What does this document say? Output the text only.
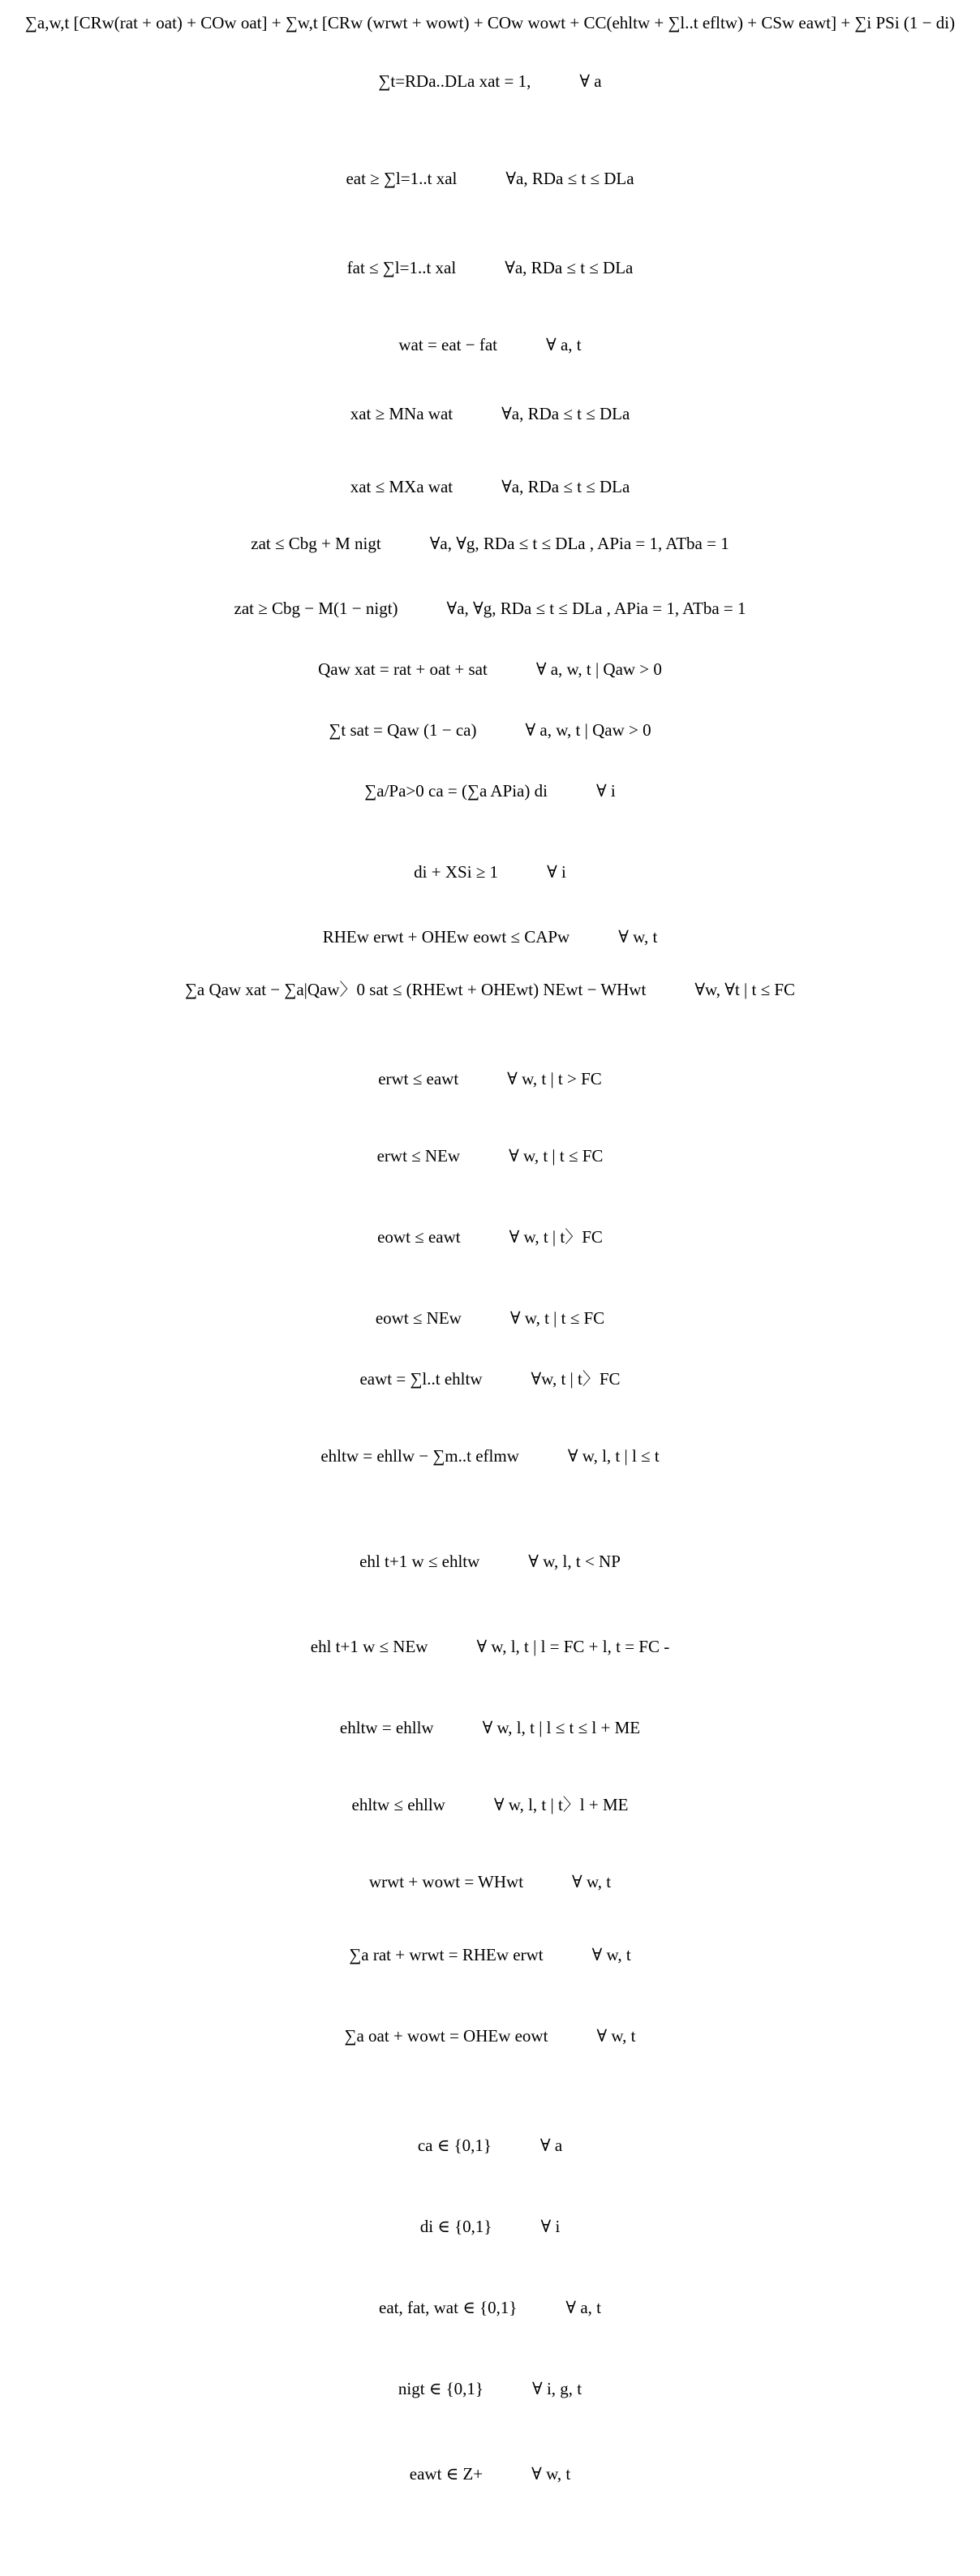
∑a,w,t [CRw(rat + oat) + COw oat] + ∑w,t [CRw (wrwt + wowt) + COw wowt + CC(ehltw + ∑l..t efltw) + CSw eawt] + ∑i PSi (1 − di)
∑t=RDa..DLa xat = 1,	∀ a
eat ≥ ∑l=1..t xal	∀a, RDa ≤ t ≤ DLa
fat ≤ ∑l=1..t xal	∀a, RDa ≤ t ≤ DLa
wat = eat − fat	∀ a, t
xat ≥ MNa wat	∀a, RDa ≤ t ≤ DLa
xat ≤ MXa wat	∀a, RDa ≤ t ≤ DLa
zat ≤ Cbg + M nigt	∀a, ∀g, RDa ≤ t ≤ DLa , APia = 1, ATba = 1
zat ≥ Cbg − M(1 − nigt)	∀a, ∀g, RDa ≤ t ≤ DLa , APia = 1, ATba = 1
Qaw xat = rat + oat + sat	∀ a, w, t | Qaw > 0
∑t sat = Qaw (1 − ca)	∀ a, w, t | Qaw > 0
∑a/Pa>0 ca = (∑a APia) di	∀ i
di + XSi ≥ 1	∀ i
RHEw erwt + OHEw eowt ≤ CAPw	∀ w, t
∑a Qaw xat − ∑a|Qaw〉0 sat ≤ (RHEwt + OHEwt) NEwt − WHwt	∀w, ∀t | t ≤ FC
erwt ≤ eawt	∀ w, t | t > FC
erwt ≤ NEw	∀ w, t | t ≤ FC
eowt ≤ eawt	∀ w, t | t〉FC
eowt ≤ NEw	∀ w, t | t ≤ FC
eawt = ∑l..t ehltw	∀w, t | t〉FC
ehltw = ehllw − ∑m..t eflmw	∀ w, l, t | l ≤ t
ehl t+1 w ≤ ehltw	∀ w, l, t < NP
ehl t+1 w ≤ NEw	∀ w, l, t | l = FC + l, t = FC -
ehltw = ehllw	∀ w, l, t | l ≤ t ≤ l + ME
ehltw ≤ ehllw	∀ w, l, t | t〉l + ME
wrwt + wowt = WHwt	∀ w, t
∑a rat + wrwt = RHEw erwt	∀ w, t
∑a oat + wowt = OHEw eowt	∀ w, t
ca ∈ {0,1}	∀ a
di ∈ {0,1}	∀ i
eat, fat, wat ∈ {0,1}	∀ a, t
nigt ∈ {0,1}	∀ i, g, t
eawt ∈ Z+	∀ w, t
